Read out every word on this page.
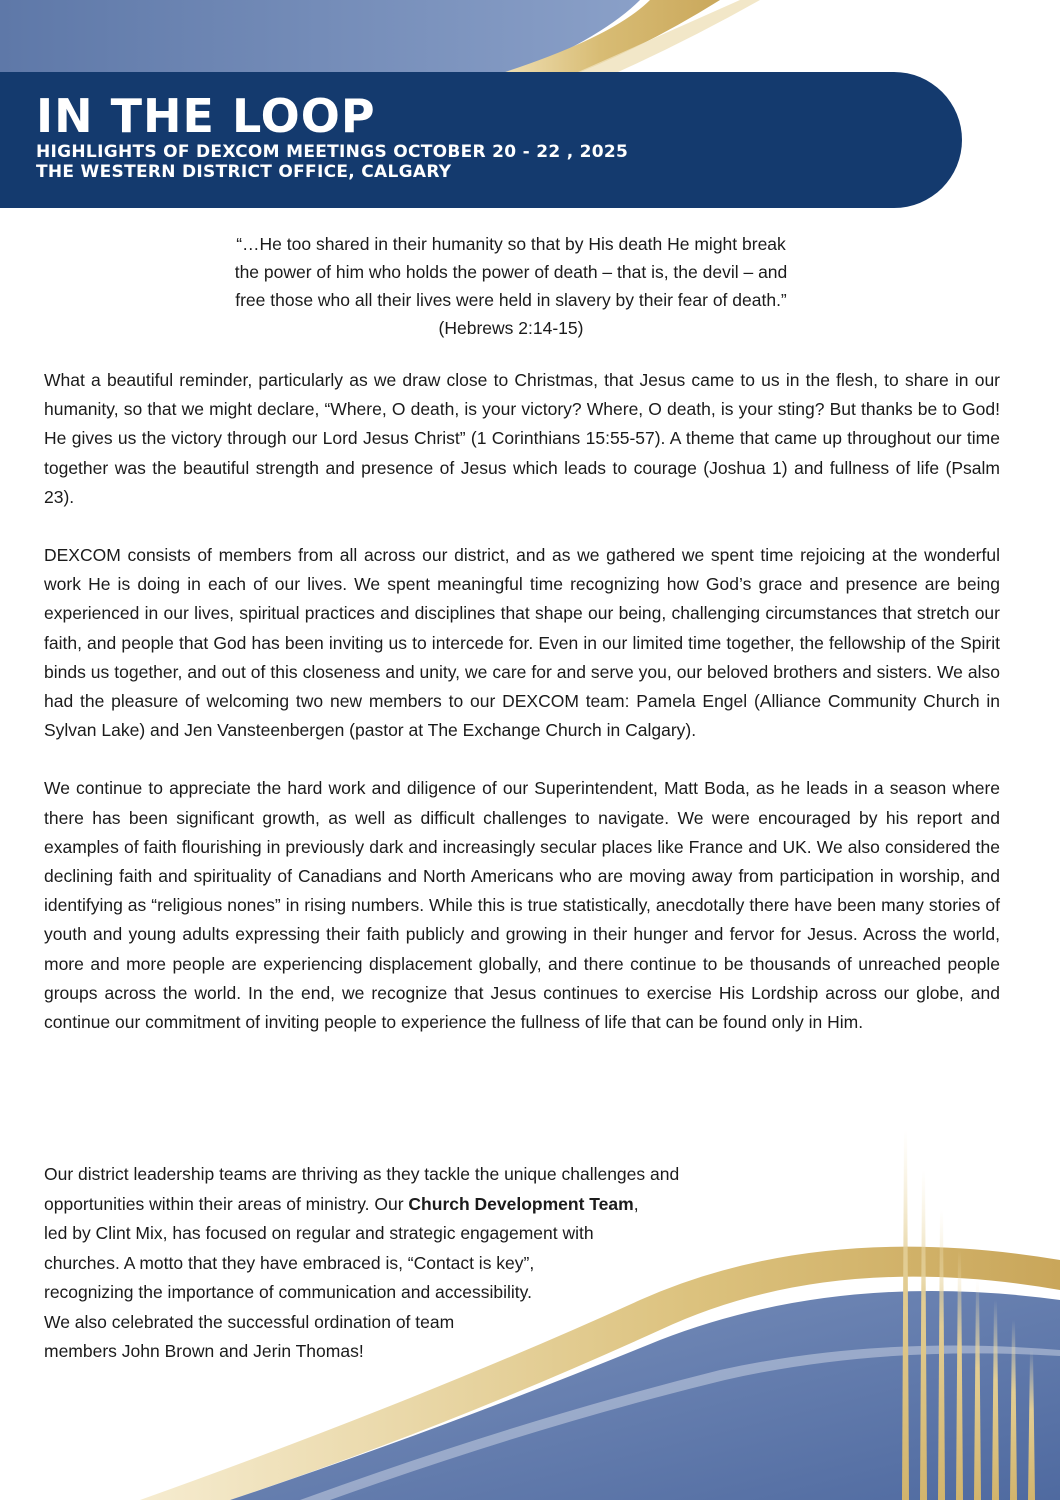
IN THE LOOP
HIGHLIGHTS OF DEXCOM MEETINGS OCTOBER 20 - 22 , 2025
THE WESTERN DISTRICT OFFICE, CALGARY
“…He too shared in their humanity so that by His death He might break
the power of him who holds the power of death – that is, the devil – and
free those who all their lives were held in slavery by their fear of death.”
(Hebrews 2:14-15)

What a beautiful reminder, particularly as we draw close to Christmas, that Jesus came to us in the flesh, to share in our humanity, so that we might declare, “Where, O death, is your victory? Where, O death, is your sting? But thanks be to God! He gives us the victory through our Lord Jesus Christ” (1 Corinthians 15:55-57). A theme that came up throughout our time together was the beautiful strength and presence of Jesus which leads to courage (Joshua 1) and fullness of life (Psalm 23).

DEXCOM consists of members from all across our district, and as we gathered we spent time rejoicing at the wonderful work He is doing in each of our lives. We spent meaningful time recognizing how God’s grace and presence are being experienced in our lives, spiritual practices and disciplines that shape our being, challenging circumstances that stretch our faith, and people that God has been inviting us to intercede for. Even in our limited time together, the fellowship of the Spirit binds us together, and out of this closeness and unity, we care for and serve you, our beloved brothers and sisters. We also had the pleasure of welcoming two new members to our DEXCOM team: Pamela Engel (Alliance Community Church in Sylvan Lake) and Jen Vansteenbergen (pastor at The Exchange Church in Calgary).

We continue to appreciate the hard work and diligence of our Superintendent, Matt Boda, as he leads in a season where there has been significant growth, as well as difficult challenges to navigate. We were encouraged by his report and examples of faith flourishing in previously dark and increasingly secular places like France and UK. We also considered the declining faith and spirituality of Canadians and North Americans who are moving away from participation in worship, and identifying as “religious nones” in rising numbers. While this is true statistically, anecdotally there have been many stories of youth and young adults expressing their faith publicly and growing in their hunger and fervor for Jesus. Across the world, more and more people are experiencing displacement globally, and there continue to be thousands of unreached people groups across the world. In the end, we recognize that Jesus continues to exercise His Lordship across our globe, and continue our commitment of inviting people to experience the fullness of life that can be found only in Him.

Our district leadership teams are thriving as they tackle the unique challenges and
opportunities within their areas of ministry. Our Church Development Team,
led by Clint Mix, has focused on regular and strategic engagement with
churches. A motto that they have embraced is, “Contact is key”,
recognizing the importance of communication and accessibility.
We also celebrated the successful ordination of team
members John Brown and Jerin Thomas!
